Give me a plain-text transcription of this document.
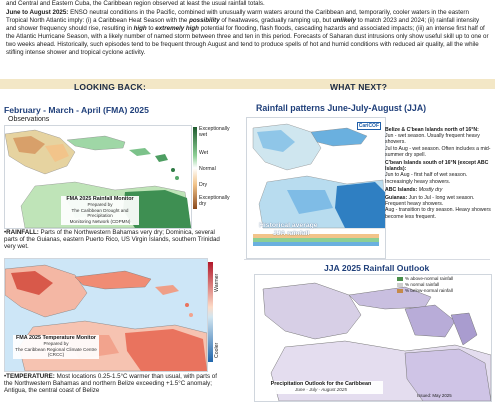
and Central and Eastern Cuba, the Caribbean region observed at least the usual rainfall totals.
June to August 2025: ENSO neutral conditions in the Pacific, combined with unusually warm waters around the Caribbean and, temporarily, cooler waters in the eastern Tropical North Atlantic imply: (i) a Caribbean Heat Season with the possibility of heatwaves, gradually ramping up, but unlikely to match 2023 and 2024; (ii) rainfall intensity and shower frequency should rise, resulting in high to extremely high potential for flooding, flash floods, cascading hazards and associated impacts; (iii) an intense first half of the Atlantic Hurricane Season, with a likely number of named storm between three and ten in this period. Forecasts of Saharan dust intrusions only show useful skill up to one or two weeks ahead. Historically, such episodes tend to be frequent through August and tend to produce spells of hot and humid conditions with reduced air quality, all the while stifling intense shower and tropical cyclone activity.
LOOKING BACK:	WHAT NEXT?
February - March - April (FMA) 2025
Observations
FMA 2025 Rainfall Monitor
Prepared by
The Caribbean Drought and Precipitation
Monitoring Network (CDPMN)
Exceptionally wet
Wet
Normal
Dry
Exceptionally dry
•RAINFALL: Parts of the Northwestern Bahamas very dry; Dominica, several parts of the Guianas, eastern Puerto Rico, US Virgin Islands, southern Trinidad very wet.
FMA 2025 Temperature Monitor
Prepared by
The Caribbean Regional Climate Centre
(CRCC)
Warmer
Cooler
•TEMPERATURE: Most locations 0.25-1.5°C warmer than usual, with parts of the Northwestern Bahamas and northern Belize exceeding +1.5°C anomaly; Antigua, the central coast of Belize
Rainfall patterns June-July-August (JJA)
CariCOF
Historical average
JJA rainfall
Belize & C'bean Islands north of 16°N:
Jun - wet season. Usually frequent heavy showers.
Jul to Aug - wet season. Often includes a mid-summer dry spell.
C'bean Islands south of 16°N (except ABC Islands):
Jun to Aug - first half of wet season. Increasingly heavy showers.
ABC Islands: Mostly dry
Guianas: Jun to Jul - long wet season. Frequent heavy showers.
Aug - transition to dry season. Heavy showers become less frequent.
JJA 2025 Rainfall Outlook
% above-normal rainfall
% normal rainfall
% below-normal rainfall
Precipitation Outlook for the Caribbean
June - July - August 2025
Issued: May 2025
